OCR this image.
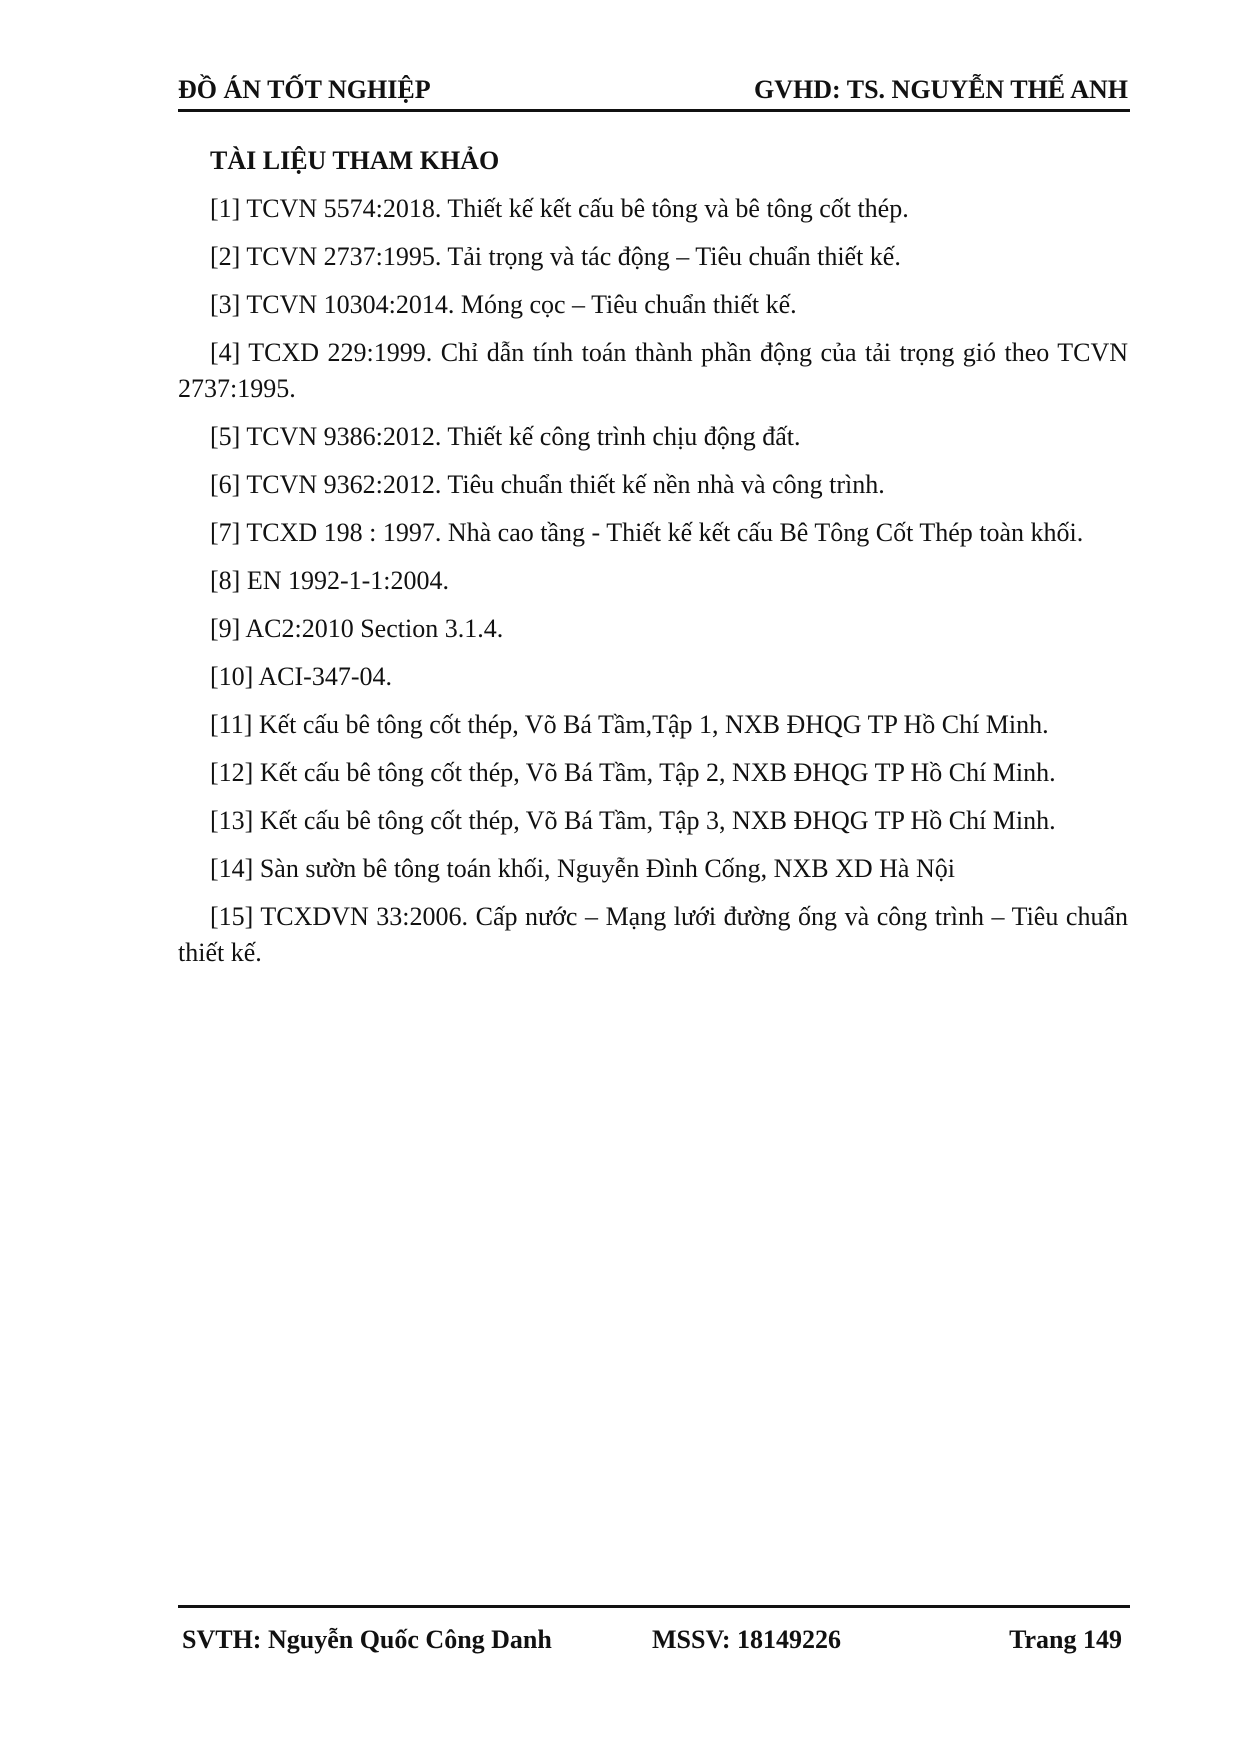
ĐỒ ÁN TỐT NGHIỆP	GVHD: TS. NGUYỄN THẾ ANH
TÀI LIỆU THAM KHẢO

[1] TCVN 5574:2018. Thiết kế kết cấu bê tông và bê tông cốt thép.

[2] TCVN 2737:1995. Tải trọng và tác động – Tiêu chuẩn thiết kế.

[3] TCVN 10304:2014. Móng cọc – Tiêu chuẩn thiết kế.

[4] TCXD 229:1999. Chỉ dẫn tính toán thành phần động của tải trọng gió theo TCVN 2737:1995.

[5] TCVN 9386:2012. Thiết kế công trình chịu động đất.

[6] TCVN 9362:2012. Tiêu chuẩn thiết kế nền nhà và công trình.

[7] TCXD 198 : 1997. Nhà cao tầng - Thiết kế kết cấu Bê Tông Cốt Thép toàn khối.

[8] EN 1992-1-1:2004.

[9] AC2:2010 Section 3.1.4.

[10] ACI-347-04.

[11] Kết cấu bê tông cốt thép, Võ Bá Tầm,Tập 1, NXB ĐHQG TP Hồ Chí Minh.

[12] Kết cấu bê tông cốt thép, Võ Bá Tầm, Tập 2, NXB ĐHQG TP Hồ Chí Minh.

[13] Kết cấu bê tông cốt thép, Võ Bá Tầm, Tập 3, NXB ĐHQG TP Hồ Chí Minh.

[14] Sàn sườn bê tông toán khối, Nguyễn Đình Cống, NXB XD Hà Nội

[15] TCXDVN 33:2006. Cấp nước – Mạng lưới đường ống và công trình – Tiêu chuẩn thiết kế.

SVTH: Nguyễn Quốc Công Danh	MSSV: 18149226	Trang 149
